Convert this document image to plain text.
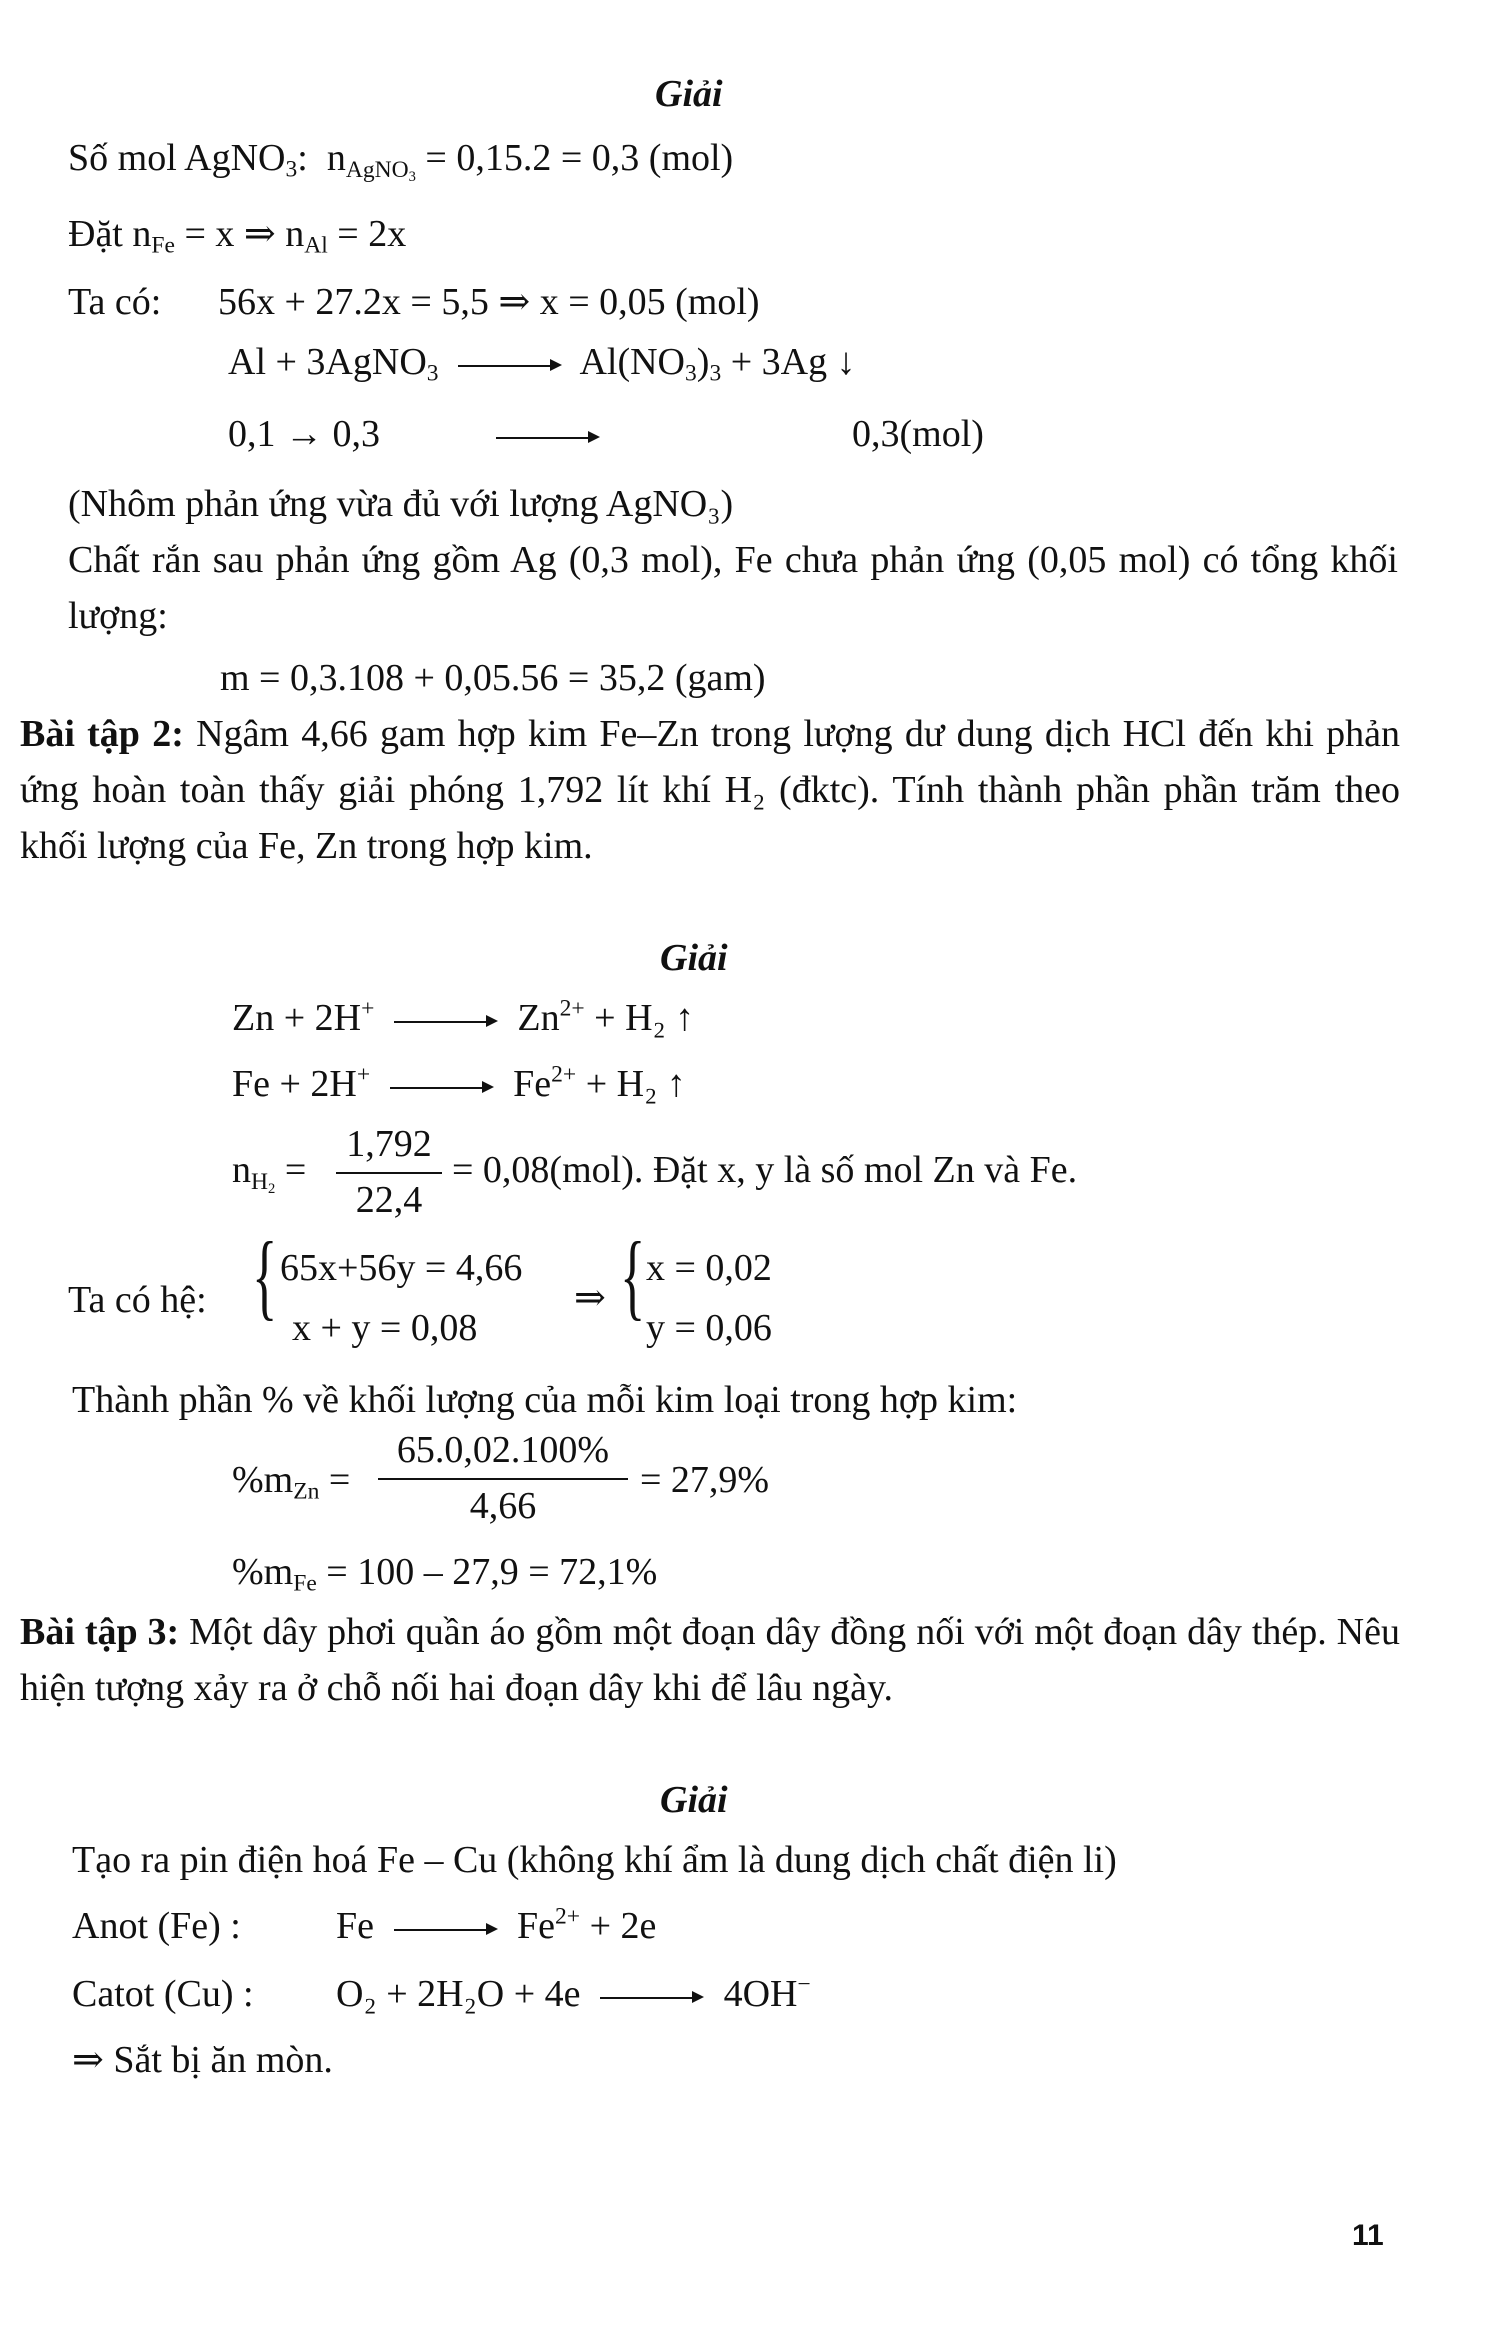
Giải
Số mol AgNO$_3$:  $n_{AgNO_3} = 0,15.2 = 0,3$ (mol)
Đặt $n_{Fe} = x$ ⇒ $n_{Al} = 2x$
Ta có: 56x + 27.2x = 5,5 ⇒ x = 0,05 (mol)
Al + 3AgNO$_3$	$Al(NO_3)_3 + 3Ag$ ↓
0,1 → 0,3	0,3(mol)
(Nhôm phản ứng vừa đủ với lượng AgNO₃)
Chất rắn sau phản ứng gồm Ag (0,3 mol), Fe chưa phản ứng (0,05 mol) có tổng khối lượng:
m = 0,3.108 + 0,05.56 = 35,2 (gam)
Bài tập 2: Ngâm 4,66 gam hợp kim Fe–Zn trong lượng dư dung dịch HCl đến khi phản ứng hoàn toàn thấy giải phóng 1,792 lít khí H₂ (đktc). Tính thành phần phần trăm theo khối lượng của Fe, Zn trong hợp kim.
Giải
Zn + 2H+	$Zn^{2+} + H_2$ ↑
Fe + 2H+	$Fe^{2+} + H_2$ ↑
$n_{H_2} = \frac{1,792}{22,4} = 0,08(mol)$. Đặt x, y là số mol Zn và Fe.
Ta có hệ: { 65x+56y = 4,66
x + y = 0,08
⇒ { x = 0,02
y = 0,06
Thành phần % về khối lượng của mỗi kim loại trong hợp kim:
$\%m_{Zn} = \frac{65.0,02.100\%}{4,66} = 27,9\%$
$\%m_{Fe} = 100 - 27,9 = 72,1\%$
Bài tập 3: Một dây phơi quần áo gồm một đoạn dây đồng nối với một đoạn dây thép. Nêu hiện tượng xảy ra ở chỗ nối hai đoạn dây khi để lâu ngày.
Giải
Tạo ra pin điện hoá Fe – Cu (không khí ẩm là dung dịch chất điện li)
Anot (Fe) :	Fe	$Fe^{2+} + 2e$
Catot (Cu) : O₂ + 2H₂O + 4e	4OH−
⇒ Sắt bị ăn mòn.
11
